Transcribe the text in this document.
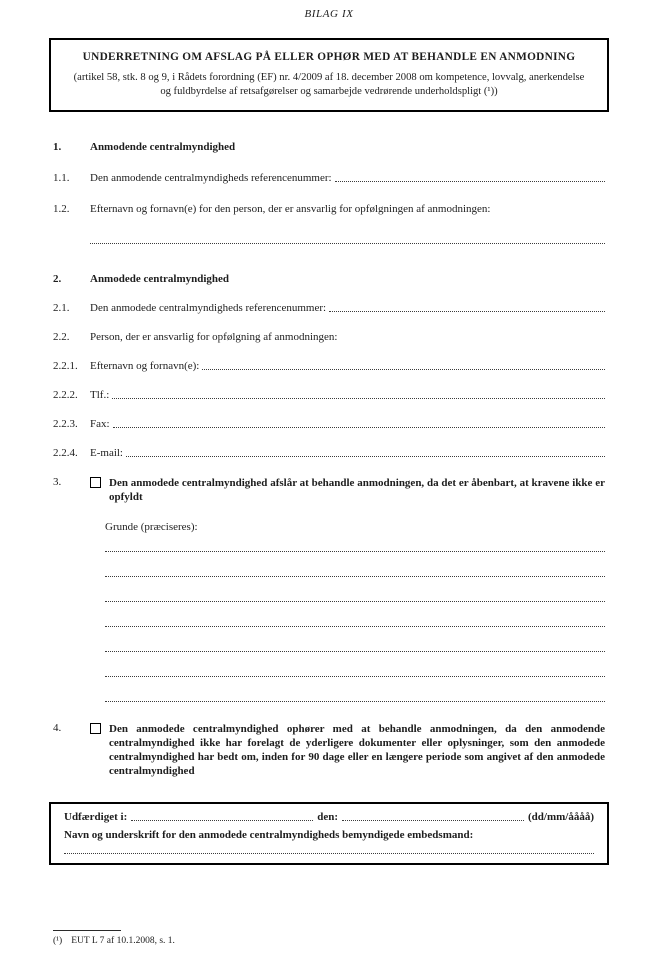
BILAG IX
UNDERRETNING OM AFSLAG PÅ ELLER OPHØR MED AT BEHANDLE EN ANMODNING
(artikel 58, stk. 8 og 9, i Rådets forordning (EF) nr. 4/2009 af 18. december 2008 om kompetence, lovvalg, anerkendelse og fuldbyrdelse af retsafgørelser og samarbejde vedrørende underholdspligt (¹))
1.	Anmodende centralmyndighed
1.1.	Den anmodende centralmyndigheds referencenummer:
1.2.	Efternavn og fornavn(e) for den person, der er ansvarlig for opfølgningen af anmodningen:
2.	Anmodede centralmyndighed
2.1.	Den anmodede centralmyndigheds referencenummer:
2.2.	Person, der er ansvarlig for opfølgning af anmodningen:
2.2.1.	Efternavn og fornavn(e):
2.2.2.	Tlf.:
2.2.3.	Fax:
2.2.4.	E-mail:
3.	Den anmodede centralmyndighed afslår at behandle anmodningen, da det er åbenbart, at kravene ikke er opfyldt
Grunde (præciseres):
4.	Den anmodede centralmyndighed ophører med at behandle anmodningen, da den anmodende centralmyndighed ikke har forelagt de yderligere dokumenter eller oplysninger, som den anmodede centralmyndighed har bedt om, inden for 90 dage eller en længere periode som angivet af den anmodede centralmyndighed
Udfærdiget i:	den:	(dd/mm/åååå)
Navn og underskrift for den anmodede centralmyndigheds bemyndigede embedsmand:
(¹) EUT L 7 af 10.1.2008, s. 1.
